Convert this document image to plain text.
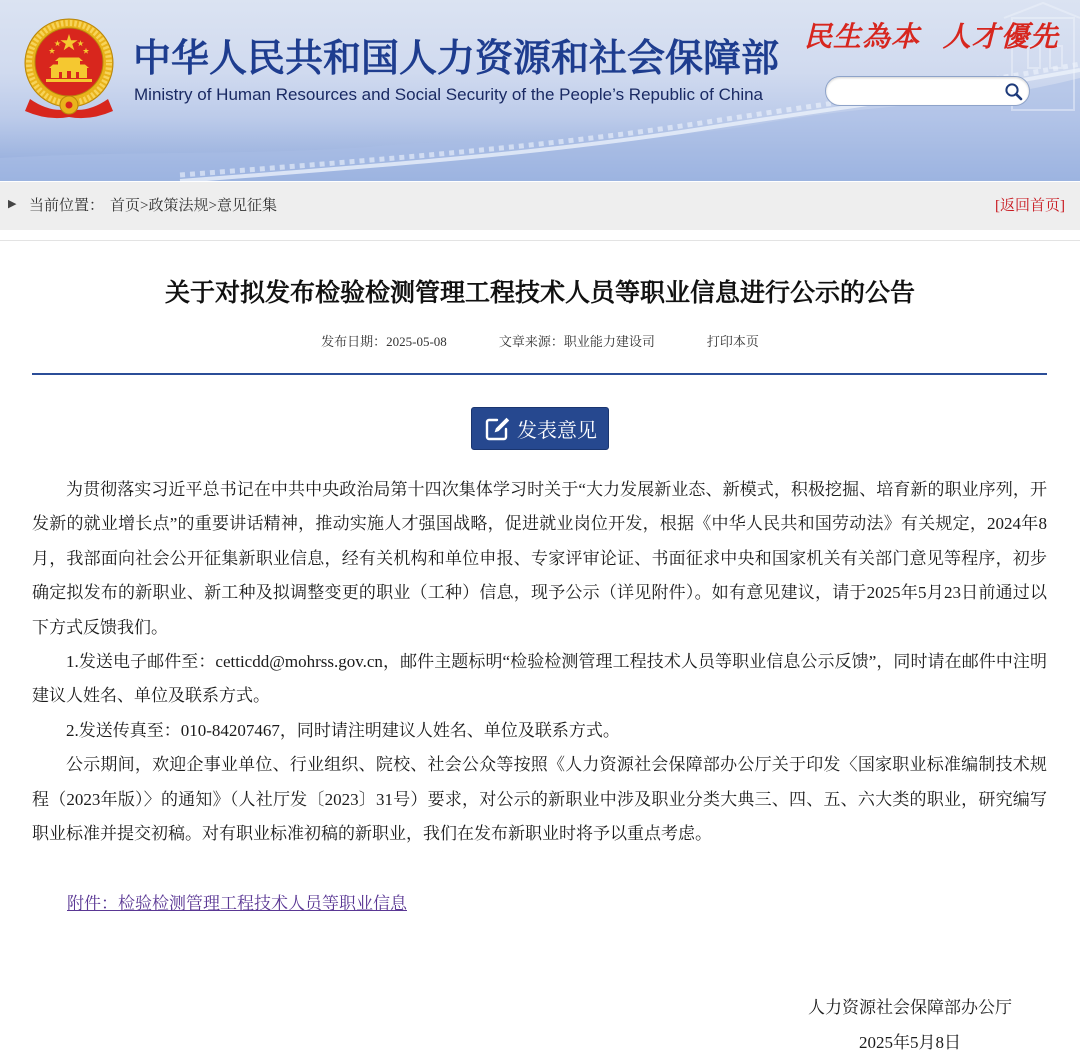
中华人民共和国人力资源和社会保障部
Ministry of Human Resources and Social Security of the People’s Republic of China
民生為本 人才優先
▶ 当前位置： 首页>政策法规>意见征集	[返回首页]
关于对拟发布检验检测管理工程技术人员等职业信息进行公示的公告
发布日期：2025-05-08	文章来源：职业能力建设司	打印本页
发表意见

为贯彻落实习近平总书记在中共中央政治局第十四次集体学习时关于“大力发展新业态、新模式，积极挖掘、培育新的职业序列，开发新的就业增长点”的重要讲话精神，推动实施人才强国战略，促进就业岗位开发，根据《中华人民共和国劳动法》有关规定，2024年8月，我部面向社会公开征集新职业信息，经有关机构和单位申报、专家评审论证、书面征求中央和国家机关有关部门意见等程序，初步确定拟发布的新职业、新工种及拟调整变更的职业（工种）信息，现予公示（详见附件）。如有意见建议，请于2025年5月23日前通过以下方式反馈我们。

1.发送电子邮件至：cetticdd@mohrss.gov.cn，邮件主题标明“检验检测管理工程技术人员等职业信息公示反馈”，同时请在邮件中注明建议人姓名、单位及联系方式。

2.发送传真至：010-84207467，同时请注明建议人姓名、单位及联系方式。

公示期间，欢迎企事业单位、行业组织、院校、社会公众等按照《人力资源社会保障部办公厅关于印发〈国家职业标准编制技术规程（2023年版）〉的通知》（人社厅发〔2023〕31号）要求，对公示的新职业中涉及职业分类大典三、四、五、六大类的职业，研究编写职业标准并提交初稿。对有职业标准初稿的新职业，我们在发布新职业时将予以重点考虑。

附件：检验检测管理工程技术人员等职业信息
人力资源社会保障部办公厅
2025年5月8日
